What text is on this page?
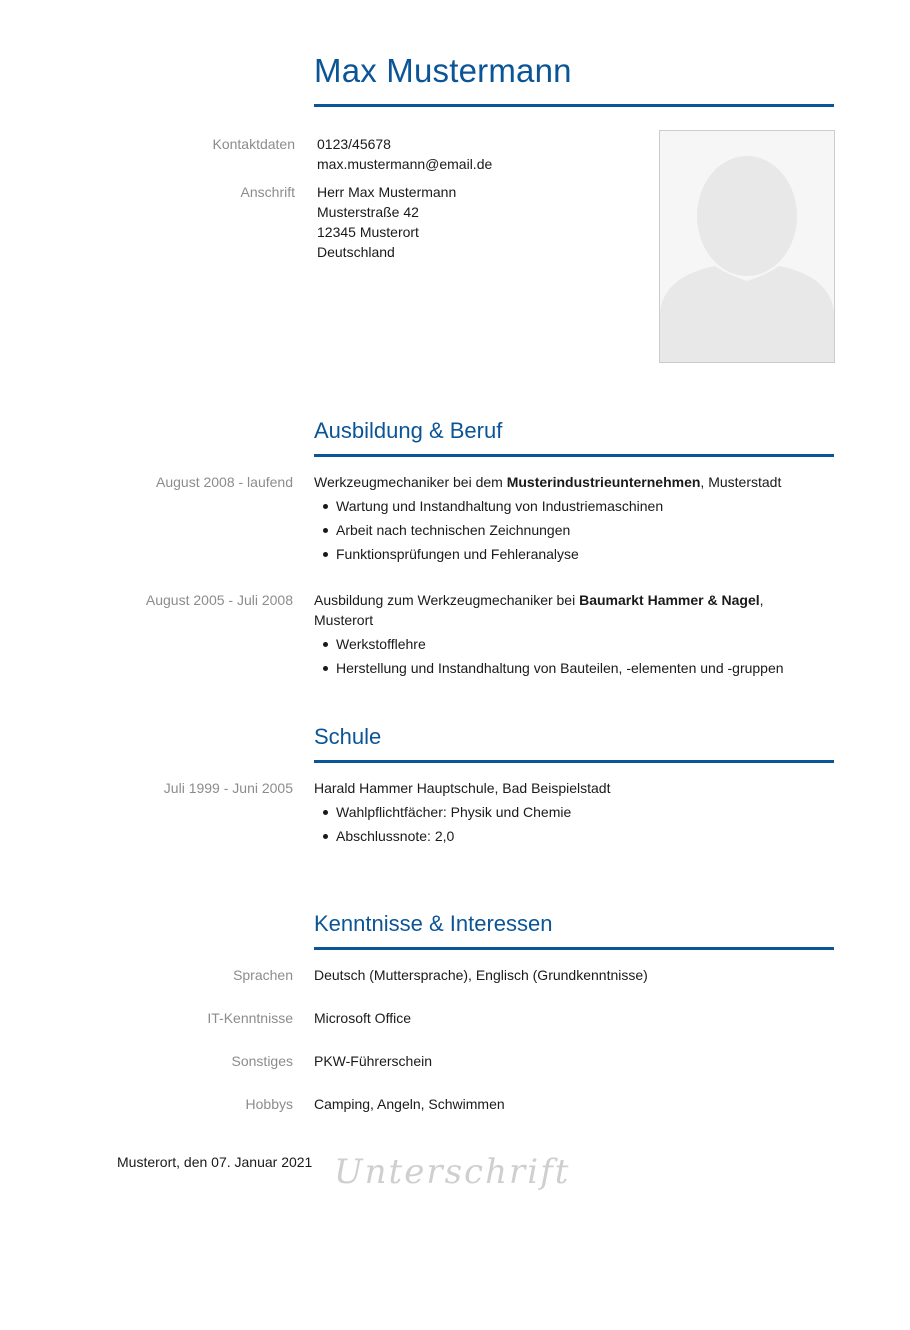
Max Mustermann
Kontaktdaten 0123/45678
max.mustermann@email.de
Anschrift Herr Max Mustermann
Musterstraße 42
12345 Musterort
Deutschland
Ausbildung & Beruf
August 2008 - laufend Werkzeugmechaniker bei dem Musterindustrieunternehmen, Musterstadt
Wartung und Instandhaltung von Industriemaschinen
Arbeit nach technischen Zeichnungen
Funktionsprüfungen und Fehleranalyse
August 2005 - Juli 2008 Ausbildung zum Werkzeugmechaniker bei Baumarkt Hammer & Nagel,
Musterort
Werkstofflehre
Herstellung und Instandhaltung von Bauteilen, -elementen und -gruppen
Schule
Juli 1999 - Juni 2005 Harald Hammer Hauptschule, Bad Beispielstadt
Wahlpflichtfächer: Physik und Chemie
Abschlussnote: 2,0
Kenntnisse & Interessen
Sprachen Deutsch (Muttersprache), Englisch (Grundkenntnisse)
IT-Kenntnisse Microsoft Office
Sonstiges PKW-Führerschein
Hobbys Camping, Angeln, Schwimmen
Musterort, den 07. Januar 2021 Unterschrift
